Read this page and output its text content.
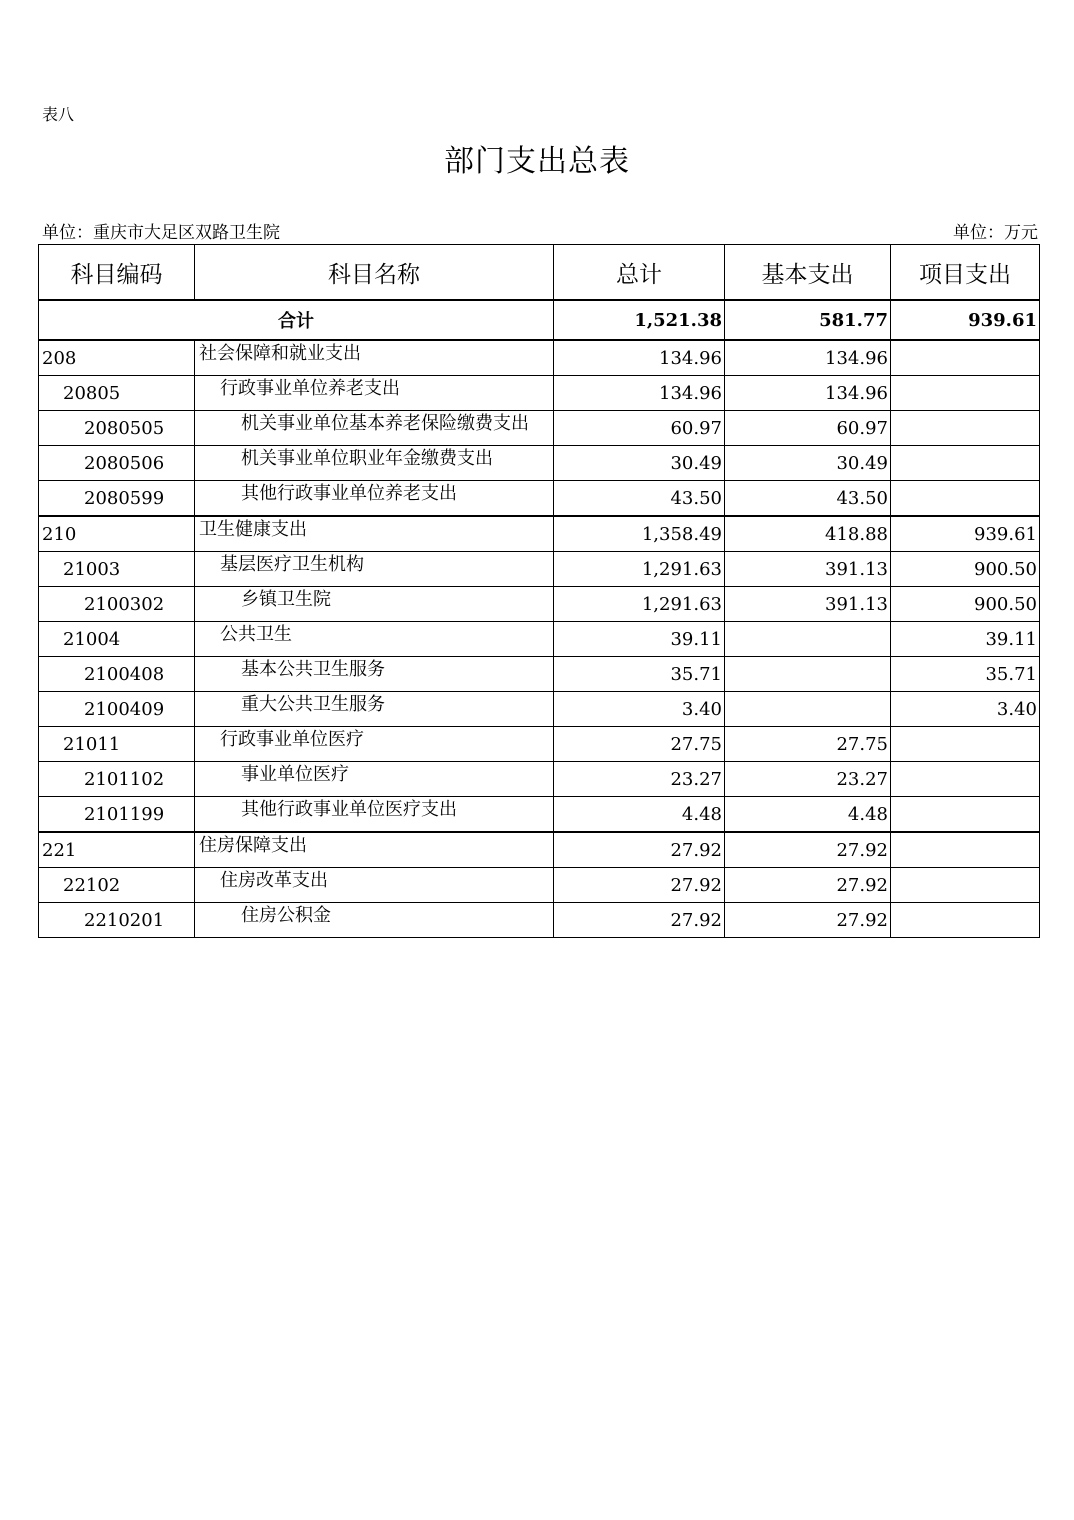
表八
部门支出总表
单位：重庆市大足区双路卫生院	单位：万元
科目编码	科目名称	总计	基本支出	项目支出
合计		1,521.38	581.77	939.61
208	社会保障和就业支出	134.96	134.96	
20805	行政事业单位养老支出	134.96	134.96	
2080505	机关事业单位基本养老保险缴费支出	60.97	60.97	
2080506	机关事业单位职业年金缴费支出	30.49	30.49	
2080599	其他行政事业单位养老支出	43.50	43.50	
210	卫生健康支出	1,358.49	418.88	939.61
21003	基层医疗卫生机构	1,291.63	391.13	900.50
2100302	乡镇卫生院	1,291.63	391.13	900.50
21004	公共卫生	39.11		39.11
2100408	基本公共卫生服务	35.71		35.71
2100409	重大公共卫生服务	3.40		3.40
21011	行政事业单位医疗	27.75	27.75	
2101102	事业单位医疗	23.27	23.27	
2101199	其他行政事业单位医疗支出	4.48	4.48	
221	住房保障支出	27.92	27.92	
22102	住房改革支出	27.92	27.92	
2210201	住房公积金	27.92	27.92	
